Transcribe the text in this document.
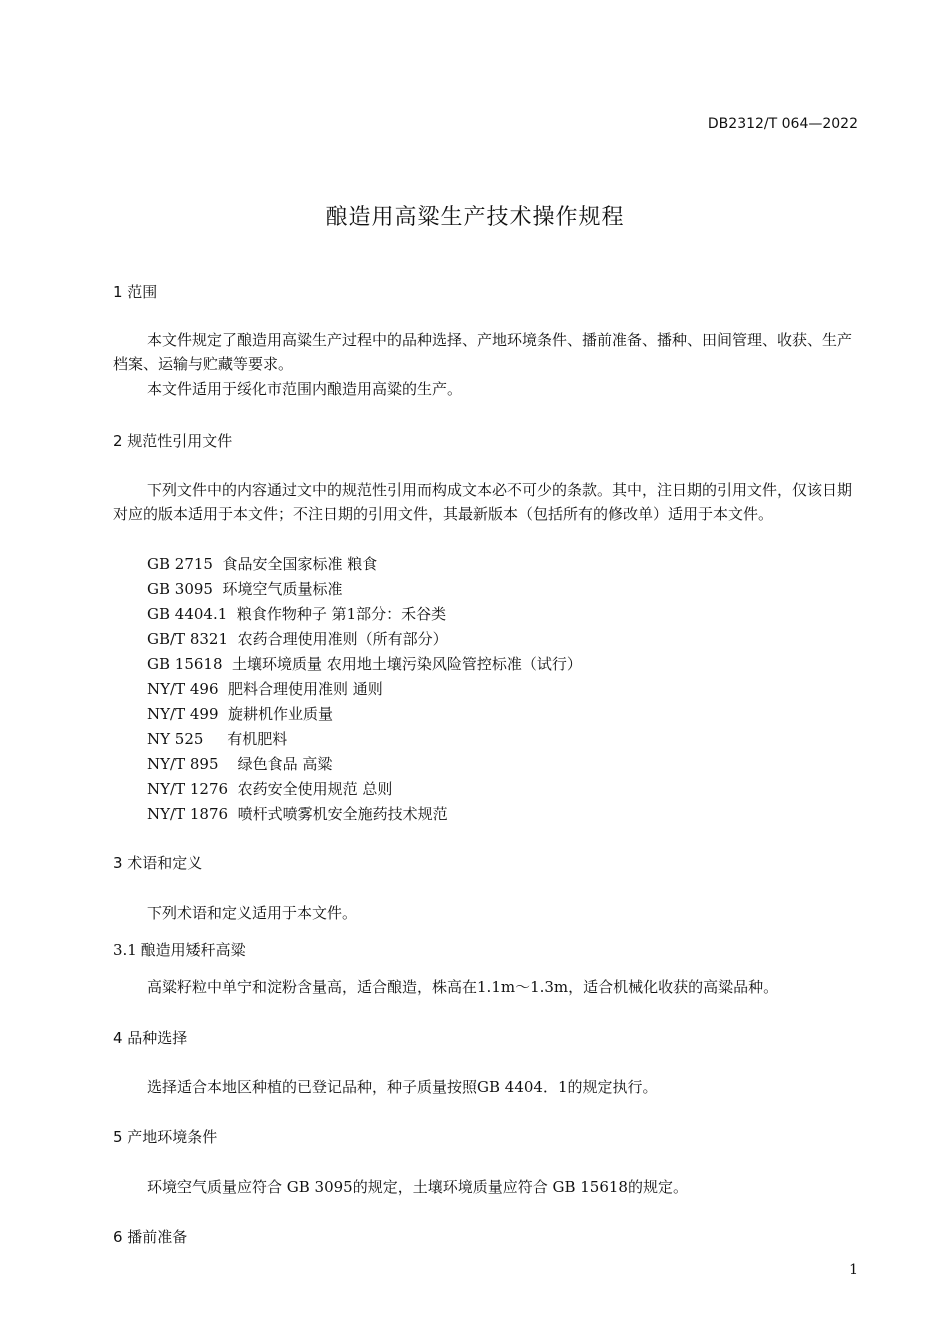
DB2312/T 064—2022
酿造用高粱生产技术操作规程
1 范围
本文件规定了酿造用高粱生产过程中的品种选择、产地环境条件、播前准备、播种、田间管理、收获、生产档案、运输与贮藏等要求。
本文件适用于绥化市范围内酿造用高粱的生产。
2 规范性引用文件
下列文件中的内容通过文中的规范性引用而构成文本必不可少的条款。其中，注日期的引用文件，仅该日期对应的版本适用于本文件；不注日期的引用文件，其最新版本（包括所有的修改单）适用于本文件。
GB 2715 食品安全国家标准 粮食
GB 3095 环境空气质量标准
GB 4404.1 粮食作物种子 第1部分：禾谷类
GB/T 8321 农药合理使用准则（所有部分）
GB 15618 土壤环境质量 农用地土壤污染风险管控标准（试行）
NY/T 496 肥料合理使用准则 通则
NY/T 499 旋耕机作业质量
NY 525 有机肥料
NY/T 895 绿色食品 高粱
NY/T 1276 农药安全使用规范 总则
NY/T 1876 喷杆式喷雾机安全施药技术规范
3 术语和定义
下列术语和定义适用于本文件。
3.1 酿造用矮秆高粱
高粱籽粒中单宁和淀粉含量高，适合酿造，株高在1.1m～1.3m，适合机械化收获的高粱品种。
4 品种选择
选择适合本地区种植的已登记品种，种子质量按照GB 4404．1的规定执行。
5 产地环境条件
环境空气质量应符合 GB 3095的规定，土壤环境质量应符合 GB 15618的规定。
6 播前准备
1
